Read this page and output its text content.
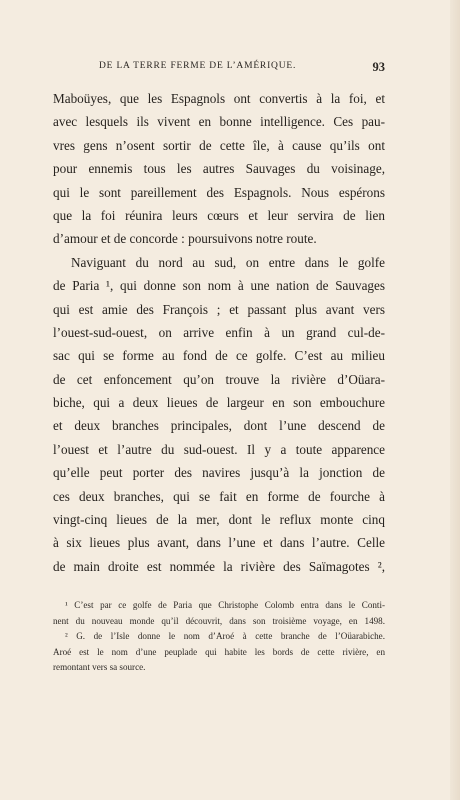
DE LA TERRE FERME DE L’AMÉRIQUE.	93
Maboüyes, que les Espagnols ont convertis à la foi, et
avec lesquels ils vivent en bonne intelligence. Ces pau-
vres gens n’osent sortir de cette île, à cause qu’ils ont
pour ennemis tous les autres Sauvages du voisinage,
qui le sont pareillement des Espagnols. Nous espérons
que la foi réunira leurs cœurs et leur servira de lien
d’amour et de concorde : poursuivons notre route.
Naviguant du nord au sud, on entre dans le golfe
de Paria ¹, qui donne son nom à une nation de Sauvages
qui est amie des François ; et passant plus avant vers
l’ouest-sud-ouest, on arrive enfin à un grand cul-de-
sac qui se forme au fond de ce golfe. C’est au milieu
de cet enfoncement qu’on trouve la rivière d’Oüara-
biche, qui a deux lieues de largeur en son embouchure
et deux branches principales, dont l’une descend de
l’ouest et l’autre du sud-ouest. Il y a toute apparence
qu’elle peut porter des navires jusqu’à la jonction de
ces deux branches, qui se fait en forme de fourche à
vingt-cinq lieues de la mer, dont le reflux monte cinq
à six lieues plus avant, dans l’une et dans l’autre. Celle
de main droite est nommée la rivière des Saïmagotes ²,
¹ C’est par ce golfe de Paria que Christophe Colomb entra dans le Conti-
nent du nouveau monde qu’il découvrit, dans son troisième voyage, en 1498.
² G. de l’Isle donne le nom d’Aroé à cette branche de l’Oüarabiche.
Aroé est le nom d’une peuplade qui habite les bords de cette rivière, en
remontant vers sa source.
